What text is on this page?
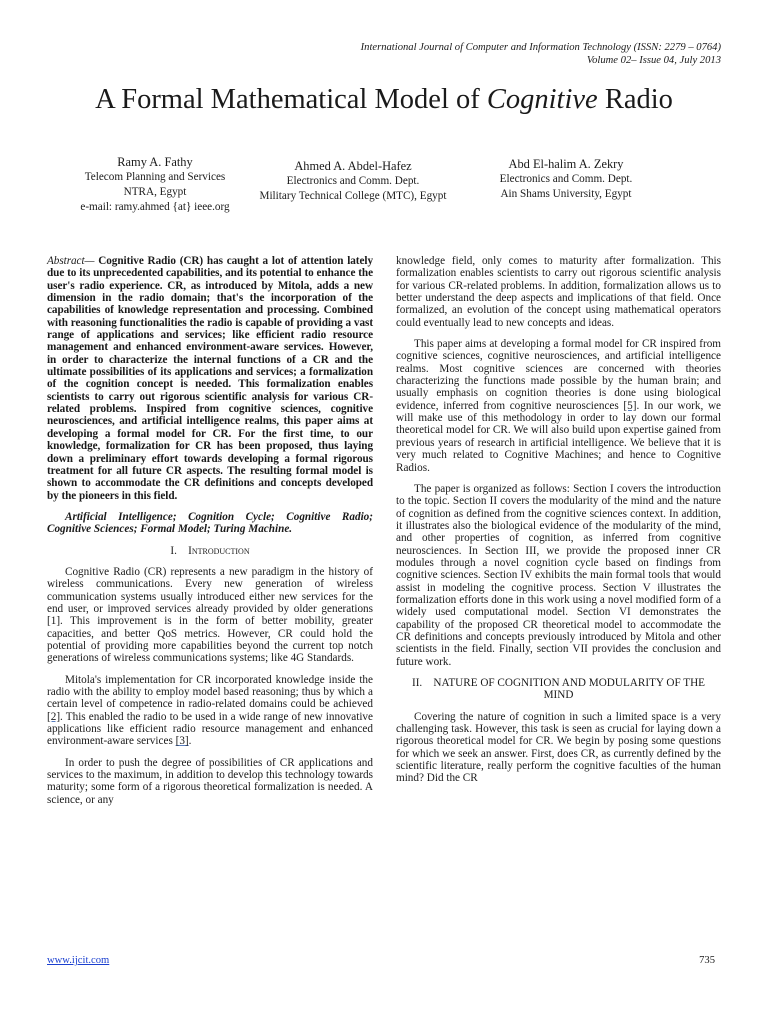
International Journal of Computer and Information Technology (ISSN: 2279 – 0764)
Volume 02– Issue 04, July 2013
A Formal Mathematical Model of Cognitive Radio
Ramy A. Fathy
Telecom Planning and Services
NTRA, Egypt
e-mail: ramy.ahmed {at} ieee.org
Ahmed A. Abdel-Hafez
Electronics and Comm. Dept.
Military Technical College (MTC), Egypt
Abd El-halim A. Zekry
Electronics and Comm. Dept.
Ain Shams University, Egypt

Abstract— Cognitive Radio (CR) has caught a lot of attention lately due to its unprecedented capabilities, and its potential to enhance the user's radio experience. CR, as introduced by Mitola, adds a new dimension in the radio domain; that's the incorporation of the capabilities of knowledge representation and processing. Combined with reasoning functionalities the radio is capable of providing a vast range of applications and services; like efficient radio resource management and enhanced environment-aware services. However, in order to characterize the internal functions of a CR and the ultimate possibilities of its applications and services; a formalization of the cognition concept is needed. This formalization enables scientists to carry out rigorous scientific analysis for various CR-related problems. Inspired from cognitive sciences, cognitive neurosciences, and artificial intelligence realms, this paper aims at developing a formal model for CR. For the first time, to our knowledge, formalization for CR has been proposed, thus laying down a preliminary effort towards developing a formal rigorous treatment for all future CR aspects. The resulting formal model is shown to accommodate the CR definitions and concepts developed by the pioneers in this field.

Artificial Intelligence; Cognition Cycle; Cognitive Radio; Cognitive Sciences; Formal Model; Turing Machine.

I. Introduction

Cognitive Radio (CR) represents a new paradigm in the history of wireless communications. Every new generation of wireless communication systems usually introduced either new services for the end user, or improved services already provided by older generations [1]. This improvement is in the form of better mobility, greater capacities, and better QoS metrics. However, CR could hold the potential of providing more capabilities beyond the current top notch generations of wireless communications systems; like 4G Standards.

Mitola's implementation for CR incorporated knowledge inside the radio with the ability to employ model based reasoning; thus by which a certain level of competence in radio-related domains could be achieved [2]. This enabled the radio to be used in a wide range of new innovative applications like efficient radio resource management and enhanced environment-aware services [3].

In order to push the degree of possibilities of CR applications and services to the maximum, in addition to develop this technology towards maturity; some form of a rigorous theoretical formalization is needed. A science, or any

knowledge field, only comes to maturity after formalization. This formalization enables scientists to carry out rigorous scientific analysis for various CR-related problems. In addition, formalization allows us to better understand the deep aspects and implications of that field. Once formalized, an evolution of the concept using mathematical operators could eventually lead to new concepts and ideas.

This paper aims at developing a formal model for CR inspired from cognitive sciences, cognitive neurosciences, and artificial intelligence realms. Most cognitive sciences are concerned with theories characterizing the functions made possible by the human brain; and usually emphasis on cognition theories is done using biological evidence, inferred from cognitive neurosciences [5]. In our work, we will make use of this methodology in order to lay down our formal theoretical model for CR. We will also build upon expertise gained from previous years of research in artificial intelligence. We believe that it is very much related to Cognitive Machines; and hence to Cognitive Radios.

The paper is organized as follows: Section I covers the introduction to the topic. Section II covers the modularity of the mind and the nature of cognition as defined from the cognitive sciences context. In addition, it illustrates also the biological evidence of the modularity of the mind, and other properties of cognition, as inferred from cognitive neurosciences. In Section III, we provide the proposed inner CR modules through a novel cognition cycle based on findings from cognitive sciences. Section IV exhibits the main formal tools that would assist in modeling the cognitive process. Section V illustrates the formalization efforts done in this work using a novel modified form of a widely used computational model. Section VI demonstrates the capability of the proposed CR theoretical model to accommodate the CR definitions and concepts previously introduced by Mitola and other scientists in the field. Finally, section VII provides the conclusion and future work.

II. NATURE OF COGNITION AND MODULARITY OF THE MIND

Covering the nature of cognition in such a limited space is a very challenging task. However, this task is seen as crucial for laying down a rigorous theoretical model for CR. We begin by posing some questions for which we seek an answer. First, does CR, as currently defined by the scientific literature, really perform the cognitive faculties of the human mind? Did the CR

www.ijcit.com	735
